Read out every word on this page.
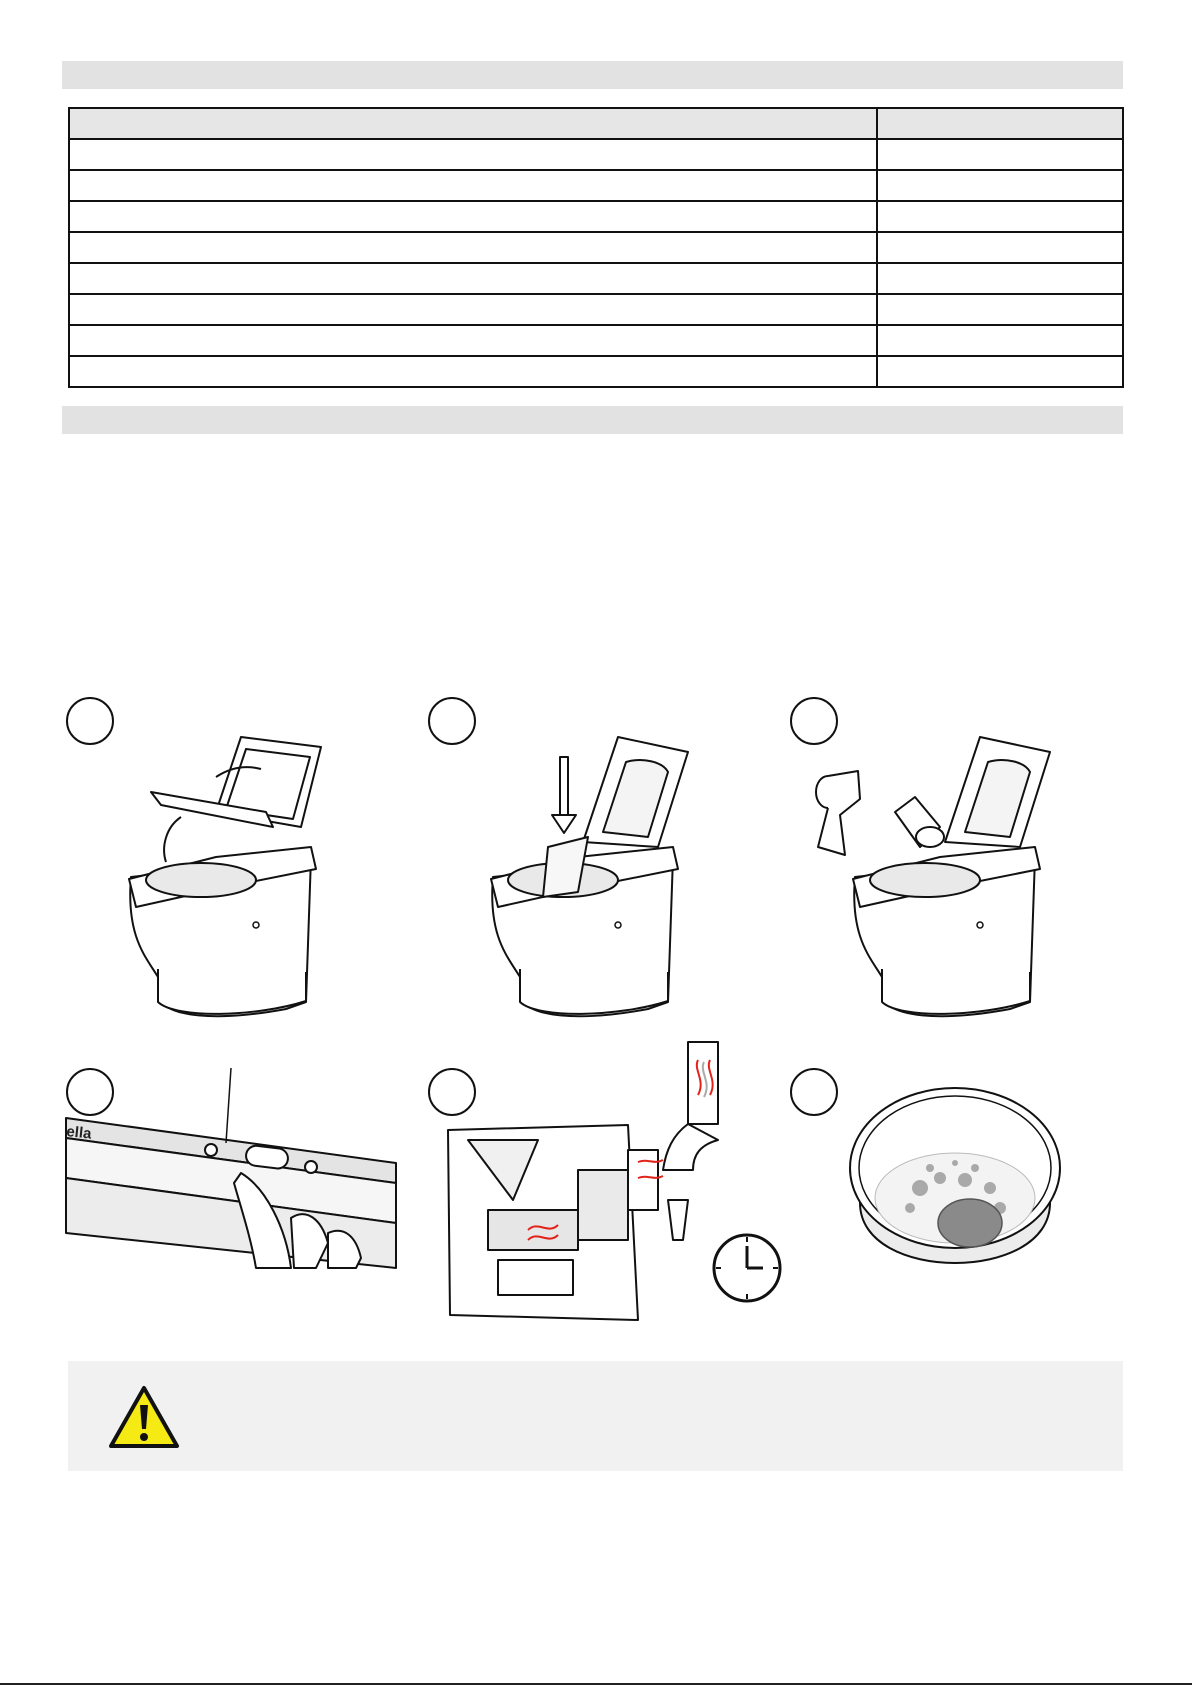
ella
